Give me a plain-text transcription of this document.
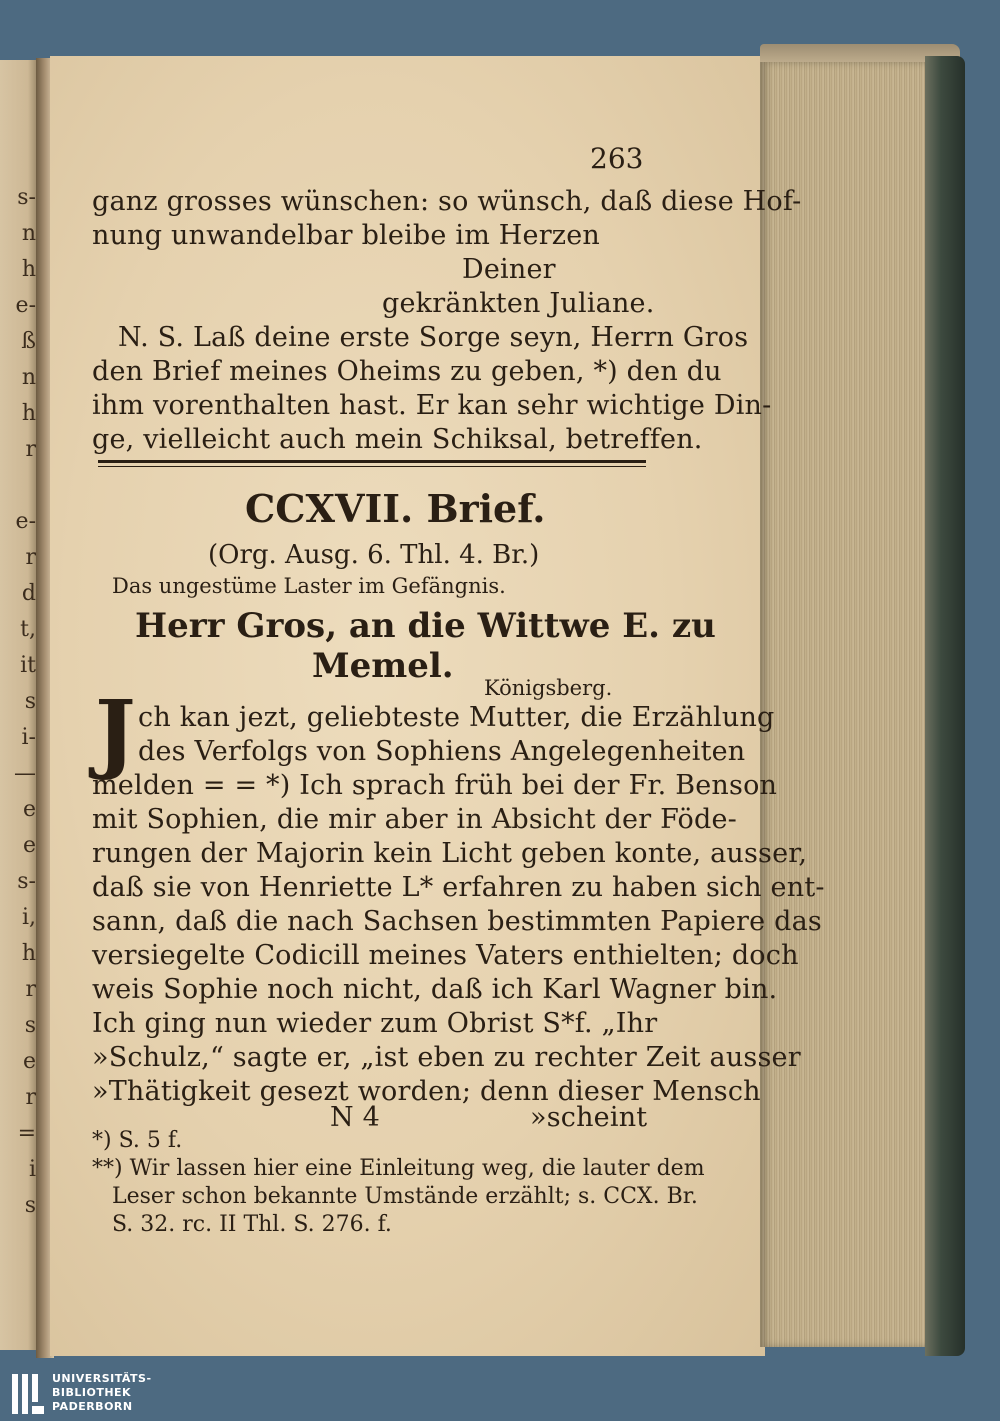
s-
n
h
e-
ß
n
h
r

e-
r
d
t,
it
s
i-
—
e
e
s-
i,
h
r
s
e
r
=
i
s
263
ganz grosses wünschen: so wünsch, daß diese Hof-
nung unwandelbar bleibe im Herzen
Deiner
gekränkten Juliane.
N. S. Laß deine erste Sorge seyn, Herrn Gros
den Brief meines Oheims zu geben, *) den du
ihm vorenthalten hast. Er kan sehr wichtige Din-
ge, vielleicht auch mein Schiksal, betreffen.
CCXVII. Brief.
(Org. Ausg. 6. Thl. 4. Br.)
Das ungestüme Laster im Gefängnis.
Herr Gros, an die Wittwe E. zu
Memel.
Königsberg.
J ch kan jezt, geliebteste Mutter, die Erzählung
des Verfolgs von Sophiens Angelegenheiten
melden = = *) Ich sprach früh bei der Fr. Benson
mit Sophien, die mir aber in Absicht der Föde-
rungen der Majorin kein Licht geben konte, ausser,
daß sie von Henriette L* erfahren zu haben sich ent-
sann, daß die nach Sachsen bestimmten Papiere das
versiegelte Codicill meines Vaters enthielten; doch
weis Sophie noch nicht, daß ich Karl Wagner bin.
Ich ging nun wieder zum Obrist S*f. „Ihr
»Schulz,“ sagte er, „ist eben zu rechter Zeit ausser
»Thätigkeit gesezt worden; denn dieser Mensch
N 4	»scheint
*) S. 5 f.
**) Wir lassen hier eine Einleitung weg, die lauter dem
Leser schon bekannte Umstände erzählt; s. CCX. Br.
S. 32. rc. II Thl. S. 276. f.
UNIVERSITÄTS-
BIBLIOTHEK
PADERBORN
